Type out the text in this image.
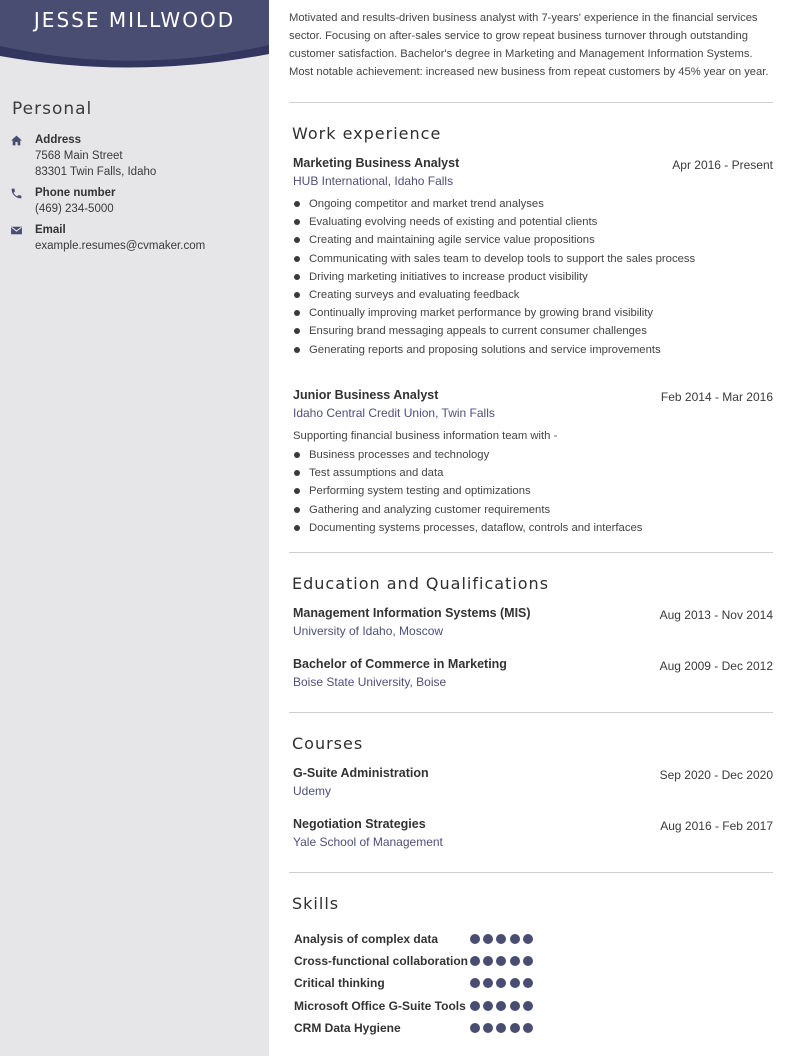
JESSE MILLWOOD
Personal
Address
7568 Main Street
83301 Twin Falls, Idaho
Phone number
(469) 234-5000
Email
example.resumes@cvmaker.com
Motivated and results-driven business analyst with 7-years' experience in the financial services sector. Focusing on after-sales service to grow repeat business turnover through outstanding customer satisfaction. Bachelor's degree in Marketing and Management Information Systems. Most notable achievement: increased new business from repeat customers by 45% year on year.
Work experience
Marketing Business Analyst	Apr 2016 - Present
HUB International, Idaho Falls
Ongoing competitor and market trend analyses
Evaluating evolving needs of existing and potential clients
Creating and maintaining agile service value propositions
Communicating with sales team to develop tools to support the sales process
Driving marketing initiatives to increase product visibility
Creating surveys and evaluating feedback
Continually improving market performance by growing brand visibility
Ensuring brand messaging appeals to current consumer challenges
Generating reports and proposing solutions and service improvements
Junior Business Analyst	Feb 2014 - Mar 2016
Idaho Central Credit Union, Twin Falls
Supporting financial business information team with -
Business processes and technology
Test assumptions and data
Performing system testing and optimizations
Gathering and analyzing customer requirements
Documenting systems processes, dataflow, controls and interfaces
Education and Qualifications
Management Information Systems (MIS)	Aug 2013 - Nov 2014
University of Idaho, Moscow
Bachelor of Commerce in Marketing	Aug 2009 - Dec 2012
Boise State University, Boise
Courses
G-Suite Administration	Sep 2020 - Dec 2020
Udemy
Negotiation Strategies	Aug 2016 - Feb 2017
Yale School of Management
Skills
Analysis of complex data
Cross-functional collaboration
Critical thinking
Microsoft Office G-Suite Tools
CRM Data Hygiene
